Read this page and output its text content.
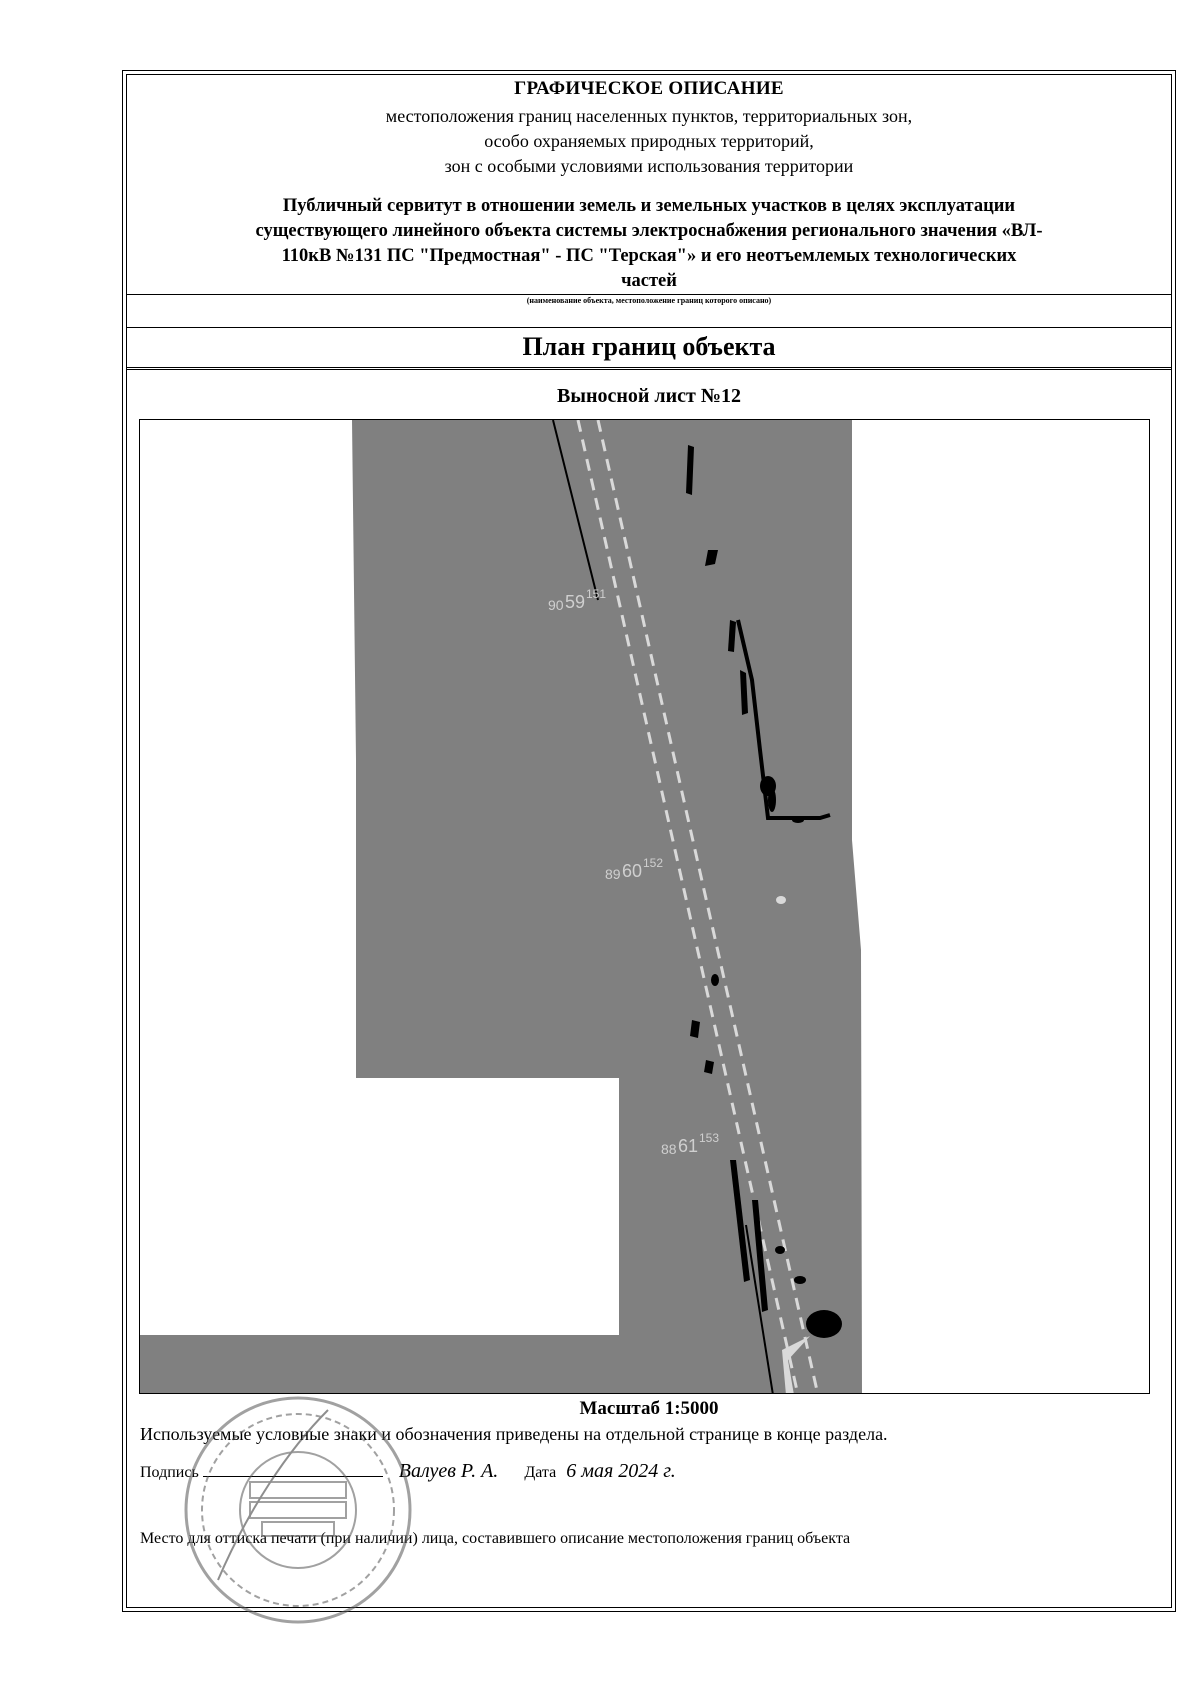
ГРАФИЧЕСКОЕ ОПИСАНИЕ
местоположения границ населенных пунктов, территориальных зон,
особо охраняемых природных территорий,
зон с особыми условиями использования территории
Публичный сервитут в отношении земель и земельных участков в целях эксплуатации
существующего линейного объекта системы электроснабжения регионального значения «ВЛ-
110кВ №131 ПС "Предмостная" - ПС "Терская"» и его неотъемлемых технологических
частей
(наименование объекта, местоположение границ которого описано)
План границ объекта
Выносной лист №12
90 59 151
89 60 152
88 61 153
Масштаб 1:5000
Используемые условные знаки и обозначения приведены на отдельной странице в конце раздела.
Подпись	Валуев Р. А. Дата 6 мая 2024 г.
Место для оттиска печати (при наличии) лица, составившего описание местоположения границ объекта
